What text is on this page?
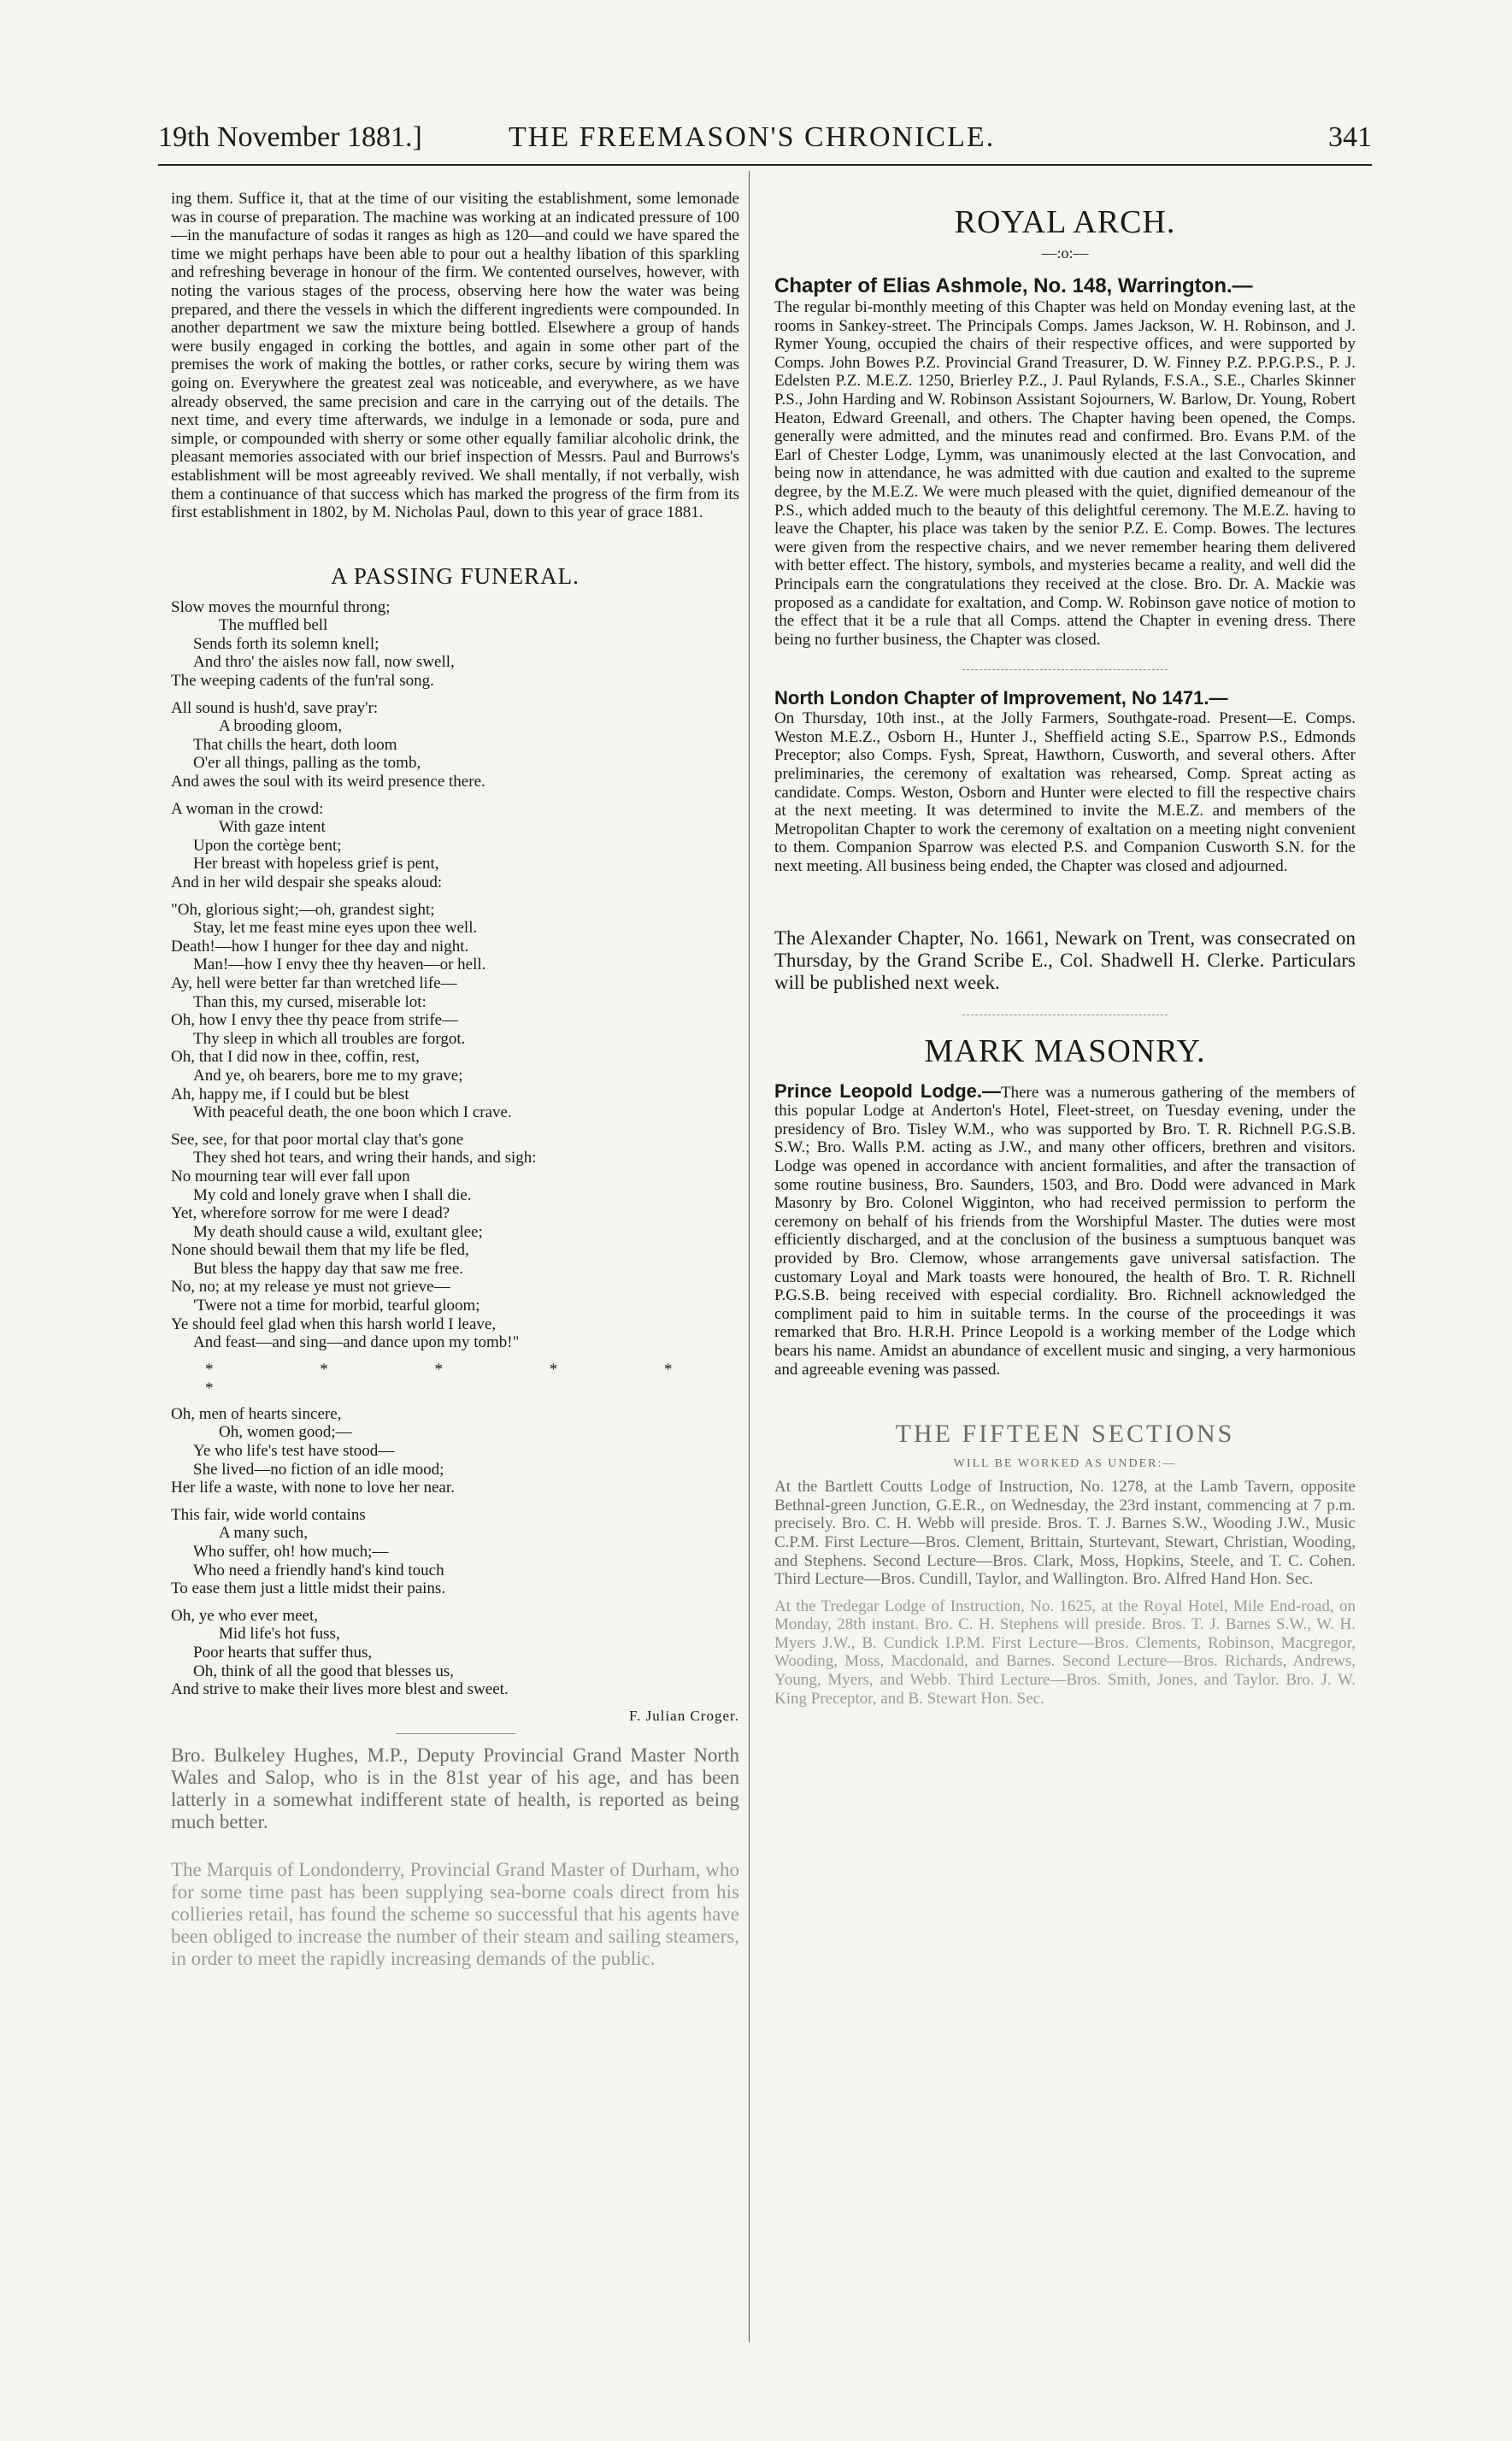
19th November 1881.]	THE FREEMASON'S CHRONICLE.	341

ing them. Suffice it, that at the time of our visiting the establishment, some lemonade was in course of preparation. The machine was working at an indicated pressure of 100—in the manufacture of sodas it ranges as high as 120—and could we have spared the time we might perhaps have been able to pour out a healthy libation of this sparkling and refreshing beverage in honour of the firm. We contented ourselves, however, with noting the various stages of the process, observing here how the water was being prepared, and there the vessels in which the different ingredients were compounded. In another department we saw the mixture being bottled. Elsewhere a group of hands were busily engaged in corking the bottles, and again in some other part of the premises the work of making the bottles, or rather corks, secure by wiring them was going on. Everywhere the greatest zeal was noticeable, and everywhere, as we have already observed, the same precision and care in the carrying out of the details. The next time, and every time afterwards, we indulge in a lemonade or soda, pure and simple, or compounded with sherry or some other equally familiar alcoholic drink, the pleasant memories associated with our brief inspection of Messrs. Paul and Burrows's establishment will be most agreeably revived. We shall mentally, if not verbally, wish them a continuance of that success which has marked the progress of the firm from its first establishment in 1802, by M. Nicholas Paul, down to this year of grace 1881.

A PASSING FUNERAL.
Slow moves the mournful throng;
The muffled bell
Sends forth its solemn knell;
And thro' the aisles now fall, now swell,
The weeping cadents of the fun'ral song.
All sound is hush'd, save pray'r:
A brooding gloom,
That chills the heart, doth loom
O'er all things, palling as the tomb,
And awes the soul with its weird presence there.
A woman in the crowd:
With gaze intent
Upon the cortège bent;
Her breast with hopeless grief is pent,
And in her wild despair she speaks aloud:
"Oh, glorious sight;—oh, grandest sight;
Stay, let me feast mine eyes upon thee well.
Death!—how I hunger for thee day and night.
Man!—how I envy thee thy heaven—or hell.
Ay, hell were better far than wretched life—
Than this, my cursed, miserable lot:
Oh, how I envy thee thy peace from strife—
Thy sleep in which all troubles are forgot.
Oh, that I did now in thee, coffin, rest,
And ye, oh bearers, bore me to my grave;
Ah, happy me, if I could but be blest
With peaceful death, the one boon which I crave.
See, see, for that poor mortal clay that's gone
They shed hot tears, and wring their hands, and sigh:
No mourning tear will ever fall upon
My cold and lonely grave when I shall die.
Yet, wherefore sorrow for me were I dead?
My death should cause a wild, exultant glee;
None should bewail them that my life be fled,
But bless the happy day that saw me free.
No, no; at my release ye must not grieve—
'Twere not a time for morbid, tearful gloom;
Ye should feel glad when this harsh world I leave,
And feast—and sing—and dance upon my tomb!"
* * * * * *
Oh, men of hearts sincere,
Oh, women good;—
Ye who life's test have stood—
She lived—no fiction of an idle mood;
Her life a waste, with none to love her near.
This fair, wide world contains
A many such,
Who suffer, oh! how much;—
Who need a friendly hand's kind touch
To ease them just a little midst their pains.
Oh, ye who ever meet,
Mid life's hot fuss,
Poor hearts that suffer thus,
Oh, think of all the good that blesses us,
And strive to make their lives more blest and sweet.
F. Julian Croger.

Bro. Bulkeley Hughes, M.P., Deputy Provincial Grand Master North Wales and Salop, who is in the 81st year of his age, and has been latterly in a somewhat indifferent state of health, is reported as being much better.

The Marquis of Londonderry, Provincial Grand Master of Durham, who for some time past has been supplying sea-borne coals direct from his collieries retail, has found the scheme so successful that his agents have been obliged to increase the number of their steam and sailing steamers, in order to meet the rapidly increasing demands of the public.

ROYAL ARCH.
—:o:—
Chapter of Elias Ashmole, No. 148, Warrington.—

The regular bi-monthly meeting of this Chapter was held on Monday evening last, at the rooms in Sankey-street. The Principals Comps. James Jackson, W. H. Robinson, and J. Rymer Young, occupied the chairs of their respective offices, and were supported by Comps. John Bowes P.Z. Provincial Grand Treasurer, D. W. Finney P.Z. P.P.G.P.S., P. J. Edelsten P.Z. M.E.Z. 1250, Brierley P.Z., J. Paul Rylands, F.S.A., S.E., Charles Skinner P.S., John Harding and W. Robinson Assistant Sojourners, W. Barlow, Dr. Young, Robert Heaton, Edward Greenall, and others. The Chapter having been opened, the Comps. generally were admitted, and the minutes read and confirmed. Bro. Evans P.M. of the Earl of Chester Lodge, Lymm, was unanimously elected at the last Convocation, and being now in attendance, he was admitted with due caution and exalted to the supreme degree, by the M.E.Z. We were much pleased with the quiet, dignified demeanour of the P.S., which added much to the beauty of this delightful ceremony. The M.E.Z. having to leave the Chapter, his place was taken by the senior P.Z. E. Comp. Bowes. The lectures were given from the respective chairs, and we never remember hearing them delivered with better effect. The history, symbols, and mysteries became a reality, and well did the Principals earn the congratulations they received at the close. Bro. Dr. A. Mackie was proposed as a candidate for exaltation, and Comp. W. Robinson gave notice of motion to the effect that it be a rule that all Comps. attend the Chapter in evening dress. There being no further business, the Chapter was closed.

North London Chapter of Improvement, No 1471.—

On Thursday, 10th inst., at the Jolly Farmers, Southgate-road. Present—E. Comps. Weston M.E.Z., Osborn H., Hunter J., Sheffield acting S.E., Sparrow P.S., Edmonds Preceptor; also Comps. Fysh, Spreat, Hawthorn, Cusworth, and several others. After preliminaries, the ceremony of exaltation was rehearsed, Comp. Spreat acting as candidate. Comps. Weston, Osborn and Hunter were elected to fill the respective chairs at the next meeting. It was determined to invite the M.E.Z. and members of the Metropolitan Chapter to work the ceremony of exaltation on a meeting night convenient to them. Companion Sparrow was elected P.S. and Companion Cusworth S.N. for the next meeting. All business being ended, the Chapter was closed and adjourned.

The Alexander Chapter, No. 1661, Newark on Trent, was consecrated on Thursday, by the Grand Scribe E., Col. Shadwell H. Clerke. Particulars will be published next week.

MARK MASONRY.

Prince Leopold Lodge.—There was a numerous gathering of the members of this popular Lodge at Anderton's Hotel, Fleet-street, on Tuesday evening, under the presidency of Bro. Tisley W.M., who was supported by Bro. T. R. Richnell P.G.S.B. S.W.; Bro. Walls P.M. acting as J.W., and many other officers, brethren and visitors. Lodge was opened in accordance with ancient formalities, and after the transaction of some routine business, Bro. Saunders, 1503, and Bro. Dodd were advanced in Mark Masonry by Bro. Colonel Wigginton, who had received permission to perform the ceremony on behalf of his friends from the Worshipful Master. The duties were most efficiently discharged, and at the conclusion of the business a sumptuous banquet was provided by Bro. Clemow, whose arrangements gave universal satisfaction. The customary Loyal and Mark toasts were honoured, the health of Bro. T. R. Richnell P.G.S.B. being received with especial cordiality. Bro. Richnell acknowledged the compliment paid to him in suitable terms. In the course of the proceedings it was remarked that Bro. H.R.H. Prince Leopold is a working member of the Lodge which bears his name. Amidst an abundance of excellent music and singing, a very harmonious and agreeable evening was passed.

THE FIFTEEN SECTIONS
WILL BE WORKED AS UNDER:—

At the Bartlett Coutts Lodge of Instruction, No. 1278, at the Lamb Tavern, opposite Bethnal-green Junction, G.E.R., on Wednesday, the 23rd instant, commencing at 7 p.m. precisely. Bro. C. H. Webb will preside. Bros. T. J. Barnes S.W., Wooding J.W., Music C.P.M. First Lecture—Bros. Clement, Brittain, Sturtevant, Stewart, Christian, Wooding, and Stephens. Second Lecture—Bros. Clark, Moss, Hopkins, Steele, and T. C. Cohen. Third Lecture—Bros. Cundill, Taylor, and Wallington. Bro. Alfred Hand Hon. Sec.

At the Tredegar Lodge of Instruction, No. 1625, at the Royal Hotel, Mile End-road, on Monday, 28th instant. Bro. C. H. Stephens will preside. Bros. T. J. Barnes S.W., W. H. Myers J.W., B. Cundick I.P.M. First Lecture—Bros. Clements, Robinson, Macgregor, Wooding, Moss, Macdonald, and Barnes. Second Lecture—Bros. Richards, Andrews, Young, Myers, and Webb. Third Lecture—Bros. Smith, Jones, and Taylor. Bro. J. W. King Preceptor, and B. Stewart Hon. Sec.
